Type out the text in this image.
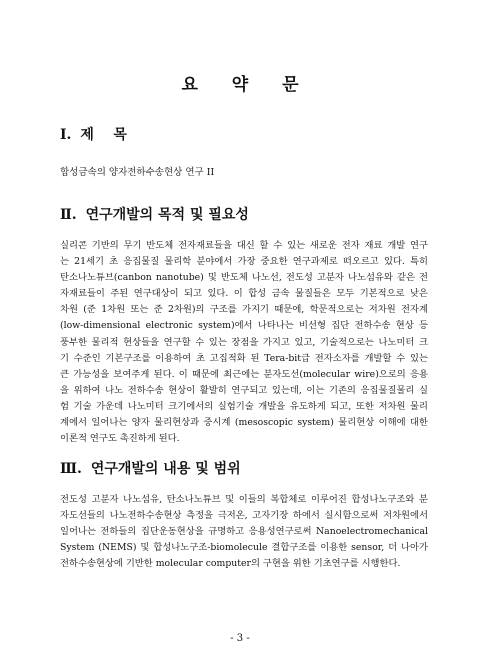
요 약 문
Ⅰ. 제    목
합성금속의 양자전하수송현상 연구 II
Ⅱ. 연구개발의 목적 및 필요성
실리콘 기반의 무기 반도체 전자재료들을 대신 할 수 있는 새로운 전자 재료 개발 연구
는 21세기 초 응집물질 물리학 분야에서 가장 중요한 연구과제로 떠오르고 있다. 특히
탄소나노튜브(canbon nanotube) 및 반도체 나노선, 전도성 고분자 나노섬유와 같은 전
자재료들이 주된 연구대상이 되고 있다. 이 합성 금속 물질들은 모두 기본적으로 낮은
차원 (준 1차원 또는 준 2차원)의 구조를 가지기 때문에, 학문적으로는 저차원 전자계
(low-dimensional electronic system)에서 나타나는 비선형 집단 전하수송 현상 등
풍부한 물리적 현상들을 연구할 수 있는 장점을 가지고 있고, 기술적으로는 나노미터 크
기 수준인 기본구조를 이용하여 초 고집적화 된 Tera-bit급 전자소자를 개발할 수 있는
큰 가능성을 보여주게 된다. 이 때문에 최근에는 분자도선(molecular wire)으로의 응용
을 위하여 나노 전하수송 현상이 활발히 연구되고 있는데, 이는 기존의 응집물질물리 실
험 기술 가운데 나노미터 크기에서의 실험기술 개발을 유도하게 되고, 또한 저차원 물리
계에서 일어나는 양자 물리현상과 중시계 (mesoscopic system) 물리현상 이해에 대한
이론적 연구도 촉진하게 된다.
Ⅲ. 연구개발의 내용 및 범위
전도성 고분자 나노섬유, 탄소나노튜브 및 이들의 복합체로 이루어진 합성나노구조와 분
자도선들의 나노전하수송현상 측정을 극저온, 고자기장 하에서 실시함으로써 저차원에서
일어나는 전하들의 집단운동현상을 규명하고 응용성연구로써 Nanoelectromechanical
System (NEMS) 및 합성나노구조-biomolecule 결합구조를 이용한 sensor, 더 나아가
전하수송현상에 기반한 molecular computer의 구현을 위한 기초연구를 시행한다.
- 3 -
